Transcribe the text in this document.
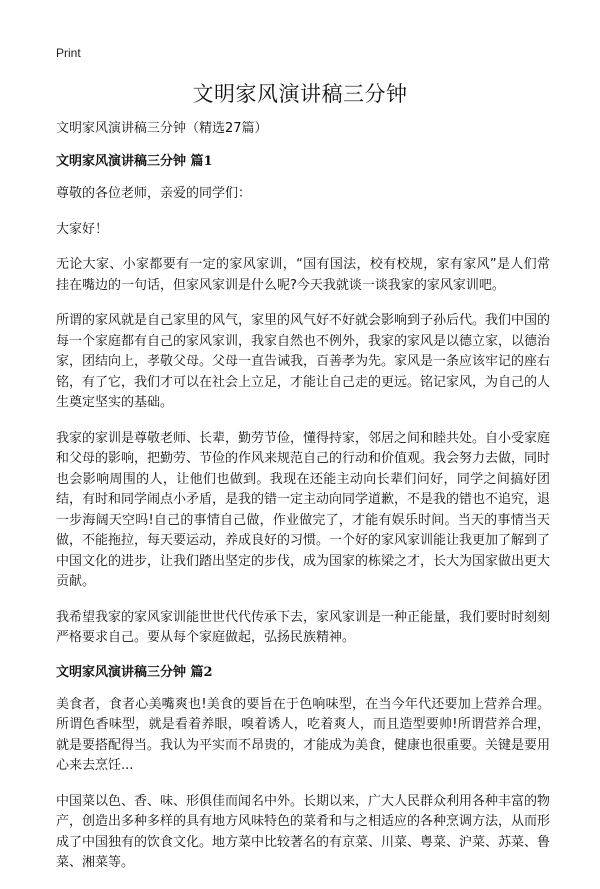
Print
文明家风演讲稿三分钟
文明家风演讲稿三分钟（精选27篇）
文明家风演讲稿三分钟 篇1

尊敬的各位老师，亲爱的同学们：

大家好！

无论大家、小家都要有一定的家风家训，“国有国法，校有校规，家有家风”是人们常挂在嘴边的一句话，但家风家训是什么呢?今天我就谈一谈我家的家风家训吧。

所谓的家风就是自己家里的风气，家里的风气好不好就会影响到子孙后代。我们中国的每一个家庭都有自己的家风家训，我家自然也不例外，我家的家风是以德立家，以德治家，团结向上，孝敬父母。父母一直告诫我，百善孝为先。家风是一条应该牢记的座右铭，有了它，我们才可以在社会上立足，才能让自己走的更远。铭记家风，为自己的人生奠定坚实的基础。

我家的家训是尊敬老师、长辈，勤劳节俭，懂得持家，邻居之间和睦共处。自小受家庭和父母的影响，把勤劳、节俭的作风来规范自己的行动和价值观。我会努力去做，同时也会影响周围的人，让他们也做到。我现在还能主动向长辈们问好，同学之间搞好团结，有时和同学闹点小矛盾，是我的错一定主动向同学道歉，不是我的错也不追究，退一步海阔天空吗!自己的事情自己做，作业做完了，才能有娱乐时间。当天的事情当天做，不能拖拉，每天要运动，养成良好的习惯。一个好的家风家训能让我更加了解到了中国文化的进步，让我们踏出坚定的步伐，成为国家的栋梁之才，长大为国家做出更大贡献。

我希望我家的家风家训能世世代代传承下去，家风家训是一种正能量，我们要时时刻刻严格要求自己。要从每个家庭做起，弘扬民族精神。

文明家风演讲稿三分钟 篇2

美食者，食者心美嘴爽也!美食的要旨在于色响味型，在当今年代还要加上营养合理。所谓色香味型，就是看着养眼，嗅着诱人，吃着爽人，而且造型要帅!所谓营养合理，就是要搭配得当。我认为平实而不昂贵的，才能成为美食，健康也很重要。关键是要用心来去烹饪...

中国菜以色、香、味、形俱佳而闻名中外。长期以来，广大人民群众利用各种丰富的物产，创造出多种多样的具有地方风味特色的菜肴和与之相适应的各种烹调方法，从而形成了中国独有的饮食文化。地方菜中比较著名的有京菜、川菜、粤菜、沪菜、苏菜、鲁菜、湘菜等。
